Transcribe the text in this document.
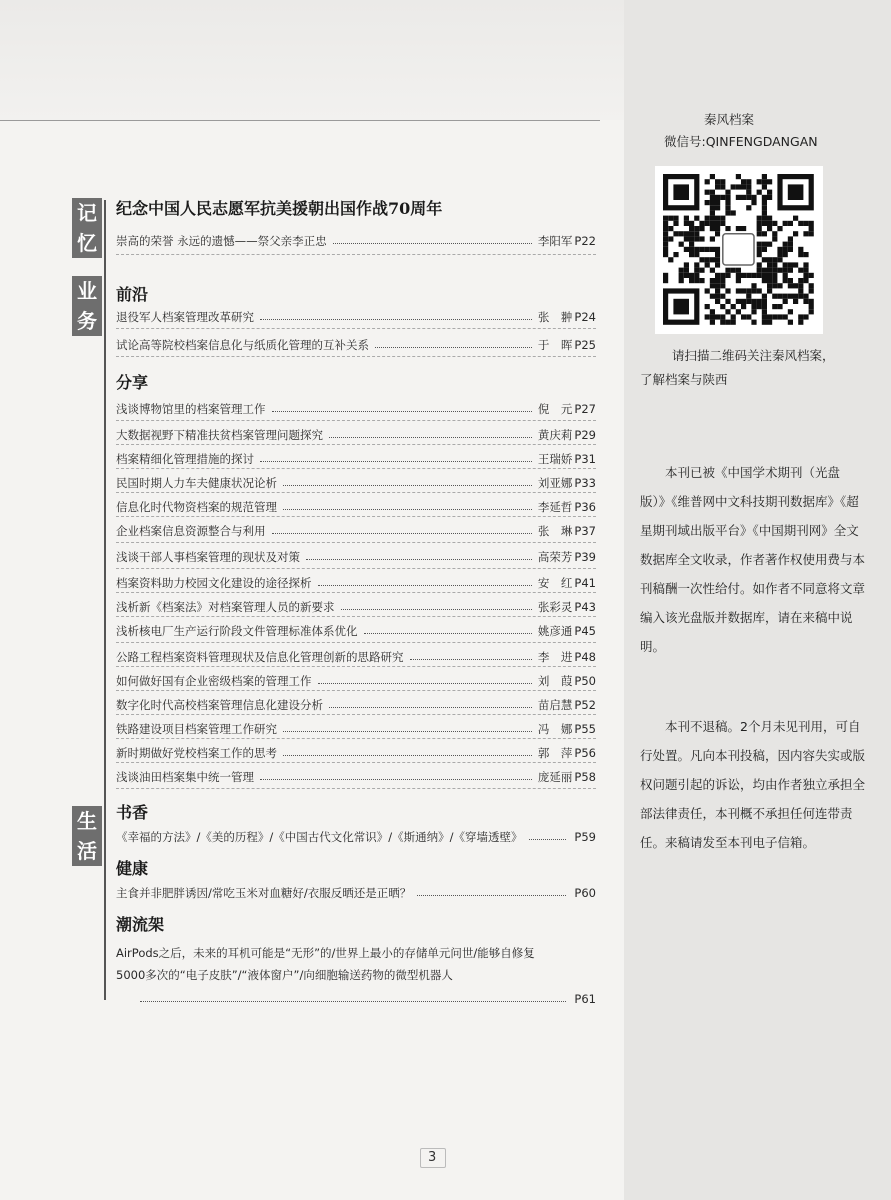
秦风档案
微信号:QINFENGDANGAN
请扫描二维码关注秦风档案，
了解档案与陕西
本刊已被《中国学术期刊（光盘版）》《维普网中文科技期刊数据库》《超星期刊域出版平台》《中国期刊网》全文数据库全文收录，作者著作权使用费与本刊稿酬一次性给付。如作者不同意将文章编入该光盘版并数据库，请在来稿中说明。
本刊不退稿。2个月未见刊用，可自行处置。凡向本刊投稿，因内容失实或版权问题引起的诉讼，均由作者独立承担全部法律责任，本刊概不承担任何连带责任。来稿请发至本刊电子信箱。
记
忆
业
务
生
活
纪念中国人民志愿军抗美援朝出国作战70周年
前沿
分享
书香
健康
潮流架
崇高的荣誉 永远的遗憾——祭父亲李正忠	李阳军 P22
退役军人档案管理改革研究	张　翀 P24
试论高等院校档案信息化与纸质化管理的互补关系	于　晖 P25
浅谈博物馆里的档案管理工作	倪　元 P27
大数据视野下精准扶贫档案管理问题探究	黄庆莉 P29
档案精细化管理措施的探讨	王瑞娇 P31
民国时期人力车夫健康状况论析	刘亚娜 P33
信息化时代物资档案的规范管理	李延哲 P36
企业档案信息资源整合与利用	张　琳 P37
浅谈干部人事档案管理的现状及对策	高荣芳 P39
档案资料助力校园文化建设的途径探析	安　红 P41
浅析新《档案法》对档案管理人员的新要求	张彩灵 P43
浅析核电厂生产运行阶段文件管理标准体系优化	姚彦通 P45
公路工程档案资料管理现状及信息化管理创新的思路研究	李　进 P48
如何做好国有企业密级档案的管理工作	刘　葭 P50
数字化时代高校档案管理信息化建设分析	苗启慧 P52
铁路建设项目档案管理工作研究	冯　娜 P55
新时期做好党校档案工作的思考	郭　萍 P56
浅谈油田档案集中统一管理	庞延丽 P58
《幸福的方法》/《美的历程》/《中国古代文化常识》/《斯通纳》/《穿墙透壁》	P59
主食并非肥胖诱因/常吃玉米对血糖好/衣服反晒还是正晒？	P60
AirPods之后，未来的耳机可能是“无形”的/世界上最小的存储单元问世/能够自修复
5000多次的“电子皮肤”/“液体窗户”/向细胞输送药物的微型机器人
P61
3
